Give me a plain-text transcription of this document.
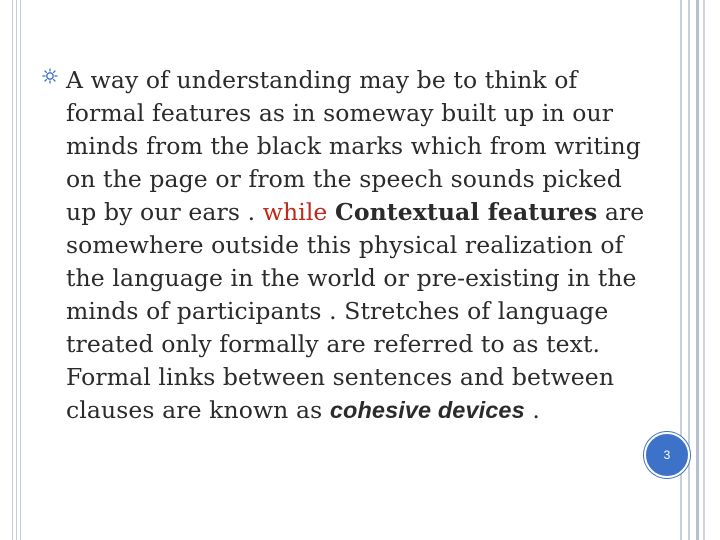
A way of understanding may be to think of
formal features as in someway built up in our
minds from the black marks which from writing
on the page or from the speech sounds picked
up by our ears . while Contextual features are
somewhere outside this physical realization of
the language in the world or pre-existing in the
minds of participants . Stretches of language
treated only formally are referred to as text.
Formal links between sentences and between
clauses are known as cohesive devices .
3
